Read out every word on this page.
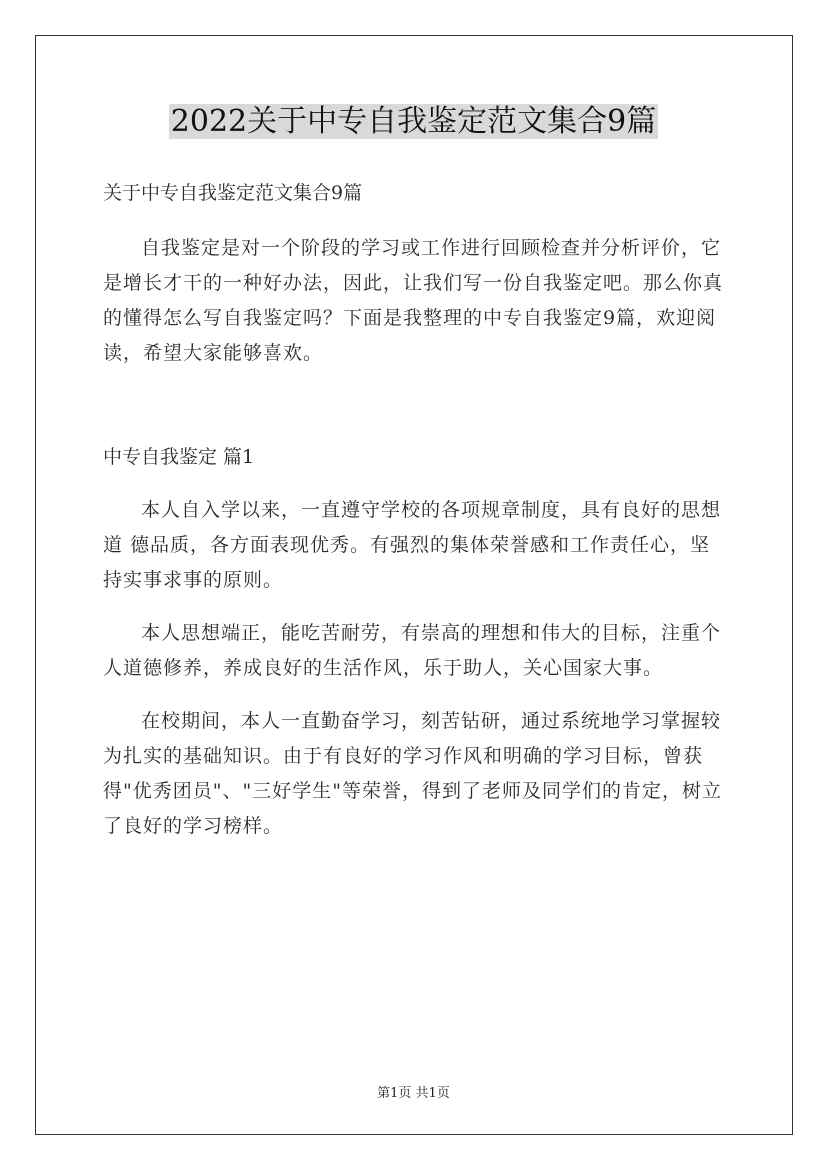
2022关于中专自我鉴定范文集合9篇

关于中专自我鉴定范文集合9篇

自我鉴定是对一个阶段的学习或工作进行回顾检查并分析评价，它是增长才干的一种好办法，因此，让我们写一份自我鉴定吧。那么你真的懂得怎么写自我鉴定吗？下面是我整理的中专自我鉴定9篇，欢迎阅读，希望大家能够喜欢。

中专自我鉴定 篇1

本人自入学以来，一直遵守学校的各项规章制度，具有良好的思想道 德品质，各方面表现优秀。有强烈的集体荣誉感和工作责任心，坚持实事求事的原则。

本人思想端正，能吃苦耐劳，有崇高的理想和伟大的目标，注重个人道德修养，养成良好的生活作风，乐于助人，关心国家大事。

在校期间，本人一直勤奋学习，刻苦钻研，通过系统地学习掌握较为扎实的基础知识。由于有良好的学习作风和明确的学习目标，曾获得"优秀团员"、"三好学生"等荣誉，得到了老师及同学们的肯定，树立了良好的学习榜样。

第1页 共1页
